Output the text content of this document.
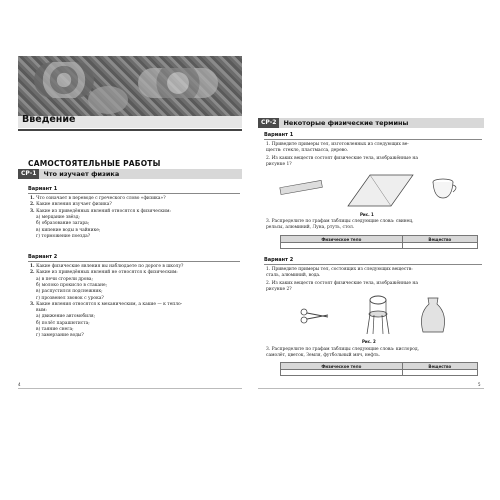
Введение
САМОСТОЯТЕЛЬНЫЕ РАБОТЫ
СР-1	Что изучает физика
Вариант 1
1. Что означает в переводе с греческого слово «физика»?
2. Какие явления изучает физика?
3. Какие из приведённых явлений относятся к физическим:
а) мерцание звёзд;
б) образование загара;
в) кипение воды в чайнике;
г) торможение поезда?
Вариант 2
1. Какие физические явления вы наблюдаете по дороге в школу?
2. Какие из приведённых явлений не относятся к физическим:
а) в печи сгорели дрова;
б) молоко прокисло в стакане;
в) распустился подснежник;
г) прозвенел звонок с урока?
3. Какие явления относятся к механическим, а какие — к тепло-
вым:
а) движение автомобиля;
б) полёт парашютиста;
в) таяние снега;
г) замерзание воды?
4
СР-2	Некоторые физические термины
Вариант 1
1. Приведите примеры тел, изготовленных из следующих ве-
ществ: стекло, пластмасса, дерево.
2. Из каких веществ состоят физические тела, изображённые на
рисунке 1?
Рис. 1
3. Распределите по графам таблицы следующие слова: свинец,
рельсы, алюминий, Луна, ртуть, стол.
Физическое тело	Вещество

Вариант 2
1. Приведите примеры тел, состоящих из следующих веществ:
сталь, алюминий, вода.
2. Из каких веществ состоят физические тела, изображённые на
рисунке 2?
Рис. 2
3. Распределите по графам таблицы следующие слова: кислород,
самолёт, цветок, Земля, футбольный мяч, нефть.
Физическое тело	Вещество

5
